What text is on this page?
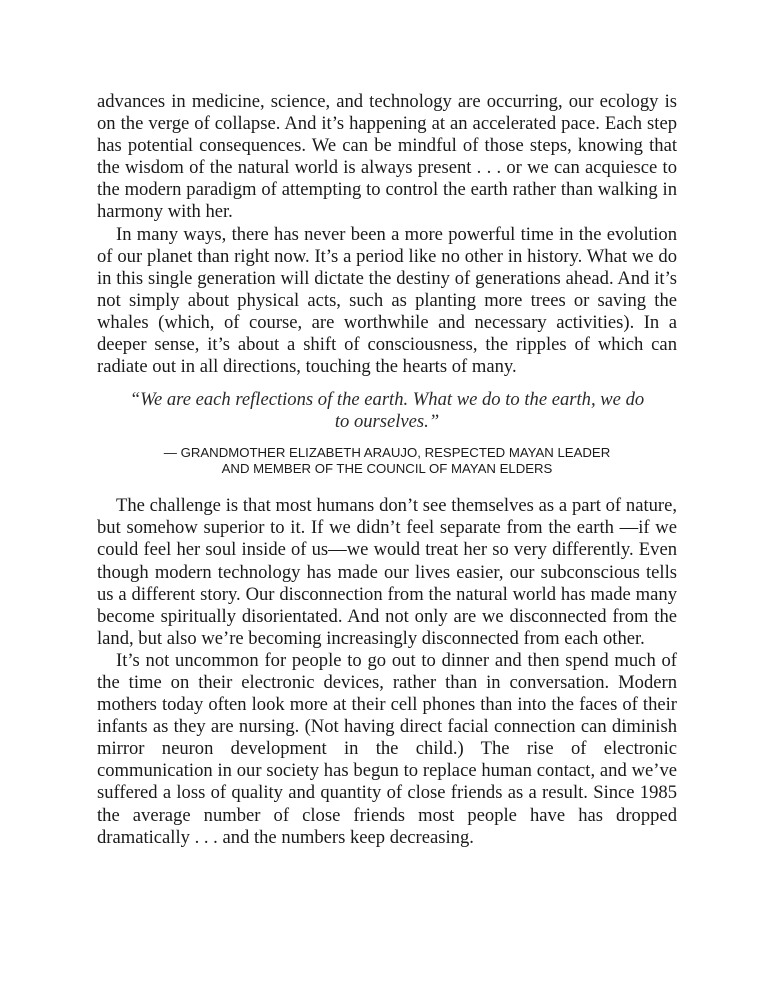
advances in medicine, science, and technology are occurring, our ecology is on the verge of collapse. And it’s happening at an accelerated pace. Each step has potential consequences. We can be mindful of those steps, knowing that the wisdom of the natural world is always present . . . or we can acquiesce to the modern paradigm of attempting to control the earth rather than walking in harmony with her.

In many ways, there has never been a more powerful time in the evolution of our planet than right now. It’s a period like no other in history. What we do in this single generation will dictate the destiny of generations ahead. And it’s not simply about physical acts, such as planting more trees or saving the whales (which, of course, are worthwhile and necessary activities). In a deeper sense, it’s about a shift of consciousness, the ripples of which can radiate out in all directions, touching the hearts of many.

“We are each reflections of the earth. What we do to the earth, we do to ourselves.”

— GRANDMOTHER ELIZABETH ARAUJO, RESPECTED MAYAN LEADER
AND MEMBER OF THE COUNCIL OF MAYAN ELDERS

The challenge is that most humans don’t see themselves as a part of nature, but somehow superior to it. If we didn’t feel separate from the earth —if we could feel her soul inside of us—we would treat her so very differently. Even though modern technology has made our lives easier, our subconscious tells us a different story. Our disconnection from the natural world has made many become spiritually disorientated. And not only are we disconnected from the land, but also we’re becoming increasingly disconnected from each other.

It’s not uncommon for people to go out to dinner and then spend much of the time on their electronic devices, rather than in conversation. Modern mothers today often look more at their cell phones than into the faces of their infants as they are nursing. (Not having direct facial connection can diminish mirror neuron development in the child.) The rise of electronic communication in our society has begun to replace human contact, and we’ve suffered a loss of quality and quantity of close friends as a result. Since 1985 the average number of close friends most people have has dropped dramatically . . . and the numbers keep decreasing.
